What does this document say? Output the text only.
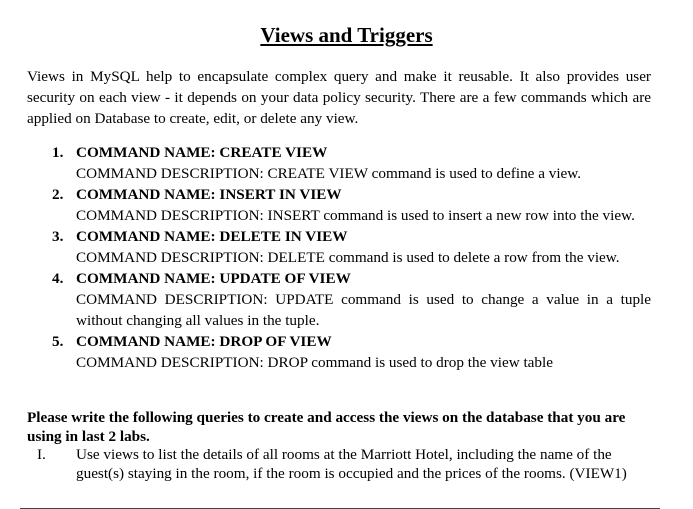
Views and Triggers
Views in MySQL help to encapsulate complex query and make it reusable. It also provides user security on each view - it depends on your data policy security. There are a few commands which are applied on Database to create, edit, or delete any view.
1. COMMAND NAME: CREATE VIEW
COMMAND DESCRIPTION: CREATE VIEW command is used to define a view.
2. COMMAND NAME: INSERT IN VIEW
COMMAND DESCRIPTION: INSERT command is used to insert a new row into the view.
3. COMMAND NAME: DELETE IN VIEW
COMMAND DESCRIPTION: DELETE command is used to delete a row from the view.
4. COMMAND NAME: UPDATE OF VIEW
COMMAND DESCRIPTION: UPDATE command is used to change a value in a tuple without changing all values in the tuple.
5. COMMAND NAME: DROP OF VIEW
COMMAND DESCRIPTION: DROP command is used to drop the view table
Please write the following queries to create and access the views on the database that you are using in last 2 labs.
I. Use views to list the details of all rooms at the Marriott Hotel, including the name of the guest(s) staying in the room, if the room is occupied and the prices of the rooms. (VIEW1)
